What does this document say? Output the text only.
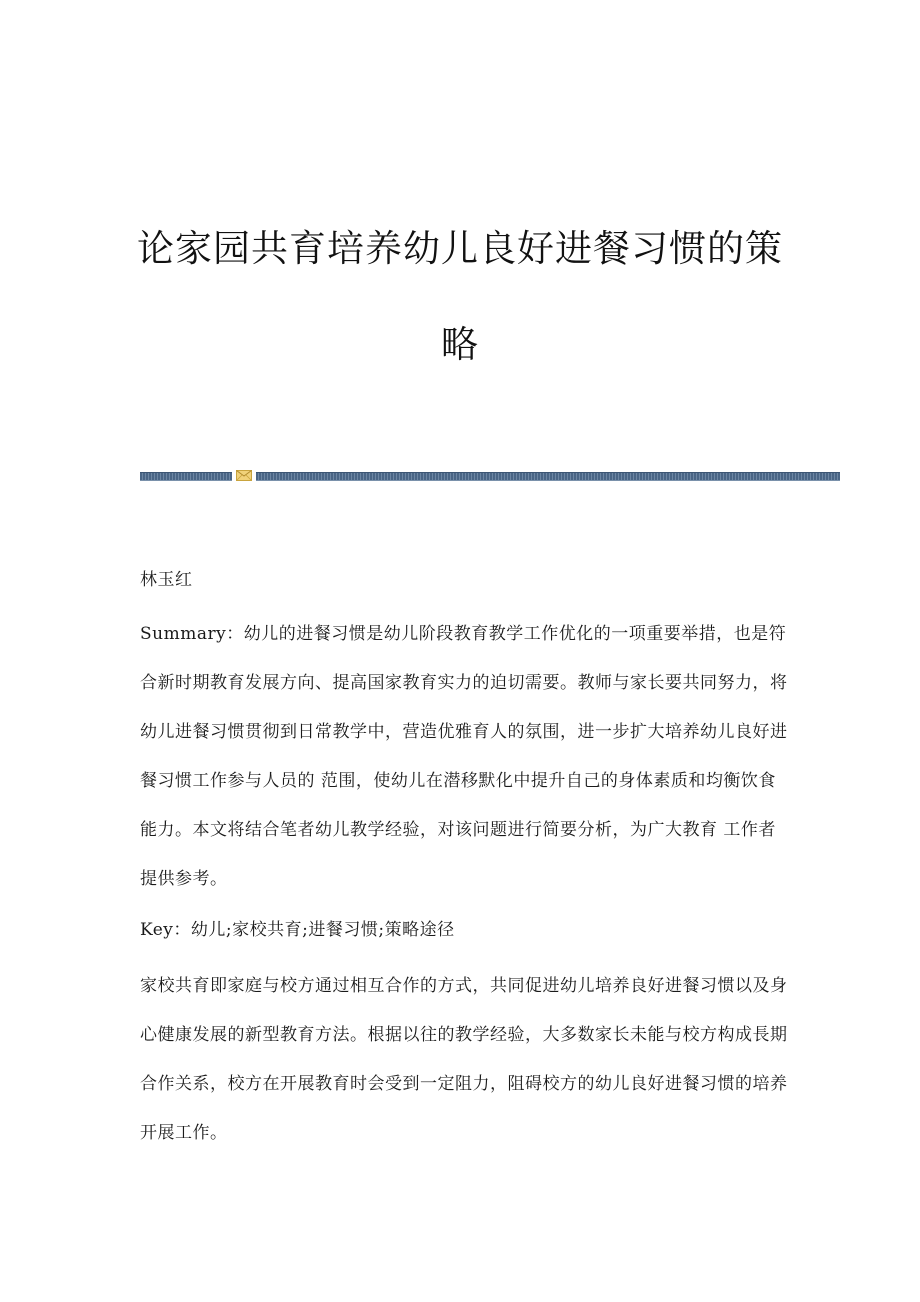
论家园共育培养幼儿良好进餐习惯的策
略

林玉红

Summary：幼儿的进餐习惯是幼儿阶段教育教学工作优化的一项重要举措，也是符合新时期教育发展方向、提高国家教育实力的迫切需要。教师与家长要共同努力，将幼儿进餐习惯贯彻到日常教学中，营造优雅育人的氛围，进一步扩大培养幼儿良好进餐习惯工作参与人员的 范围，使幼儿在潜移默化中提升自己的身体素质和均衡饮食能力。本文将结合笔者幼儿教学经验，对该问题进行简要分析，为广大教育 工作者提供参考。

Key：幼儿;家校共育;进餐习惯;策略途径

家校共育即家庭与校方通过相互合作的方式，共同促进幼儿培养良好进餐习惯以及身心健康发展的新型教育方法。根据以往的教学经验，大多数家长未能与校方构成長期合作关系，校方在开展教育时会受到一定阻力，阻碍校方的幼儿良好进餐习惯的培养开展工作。
